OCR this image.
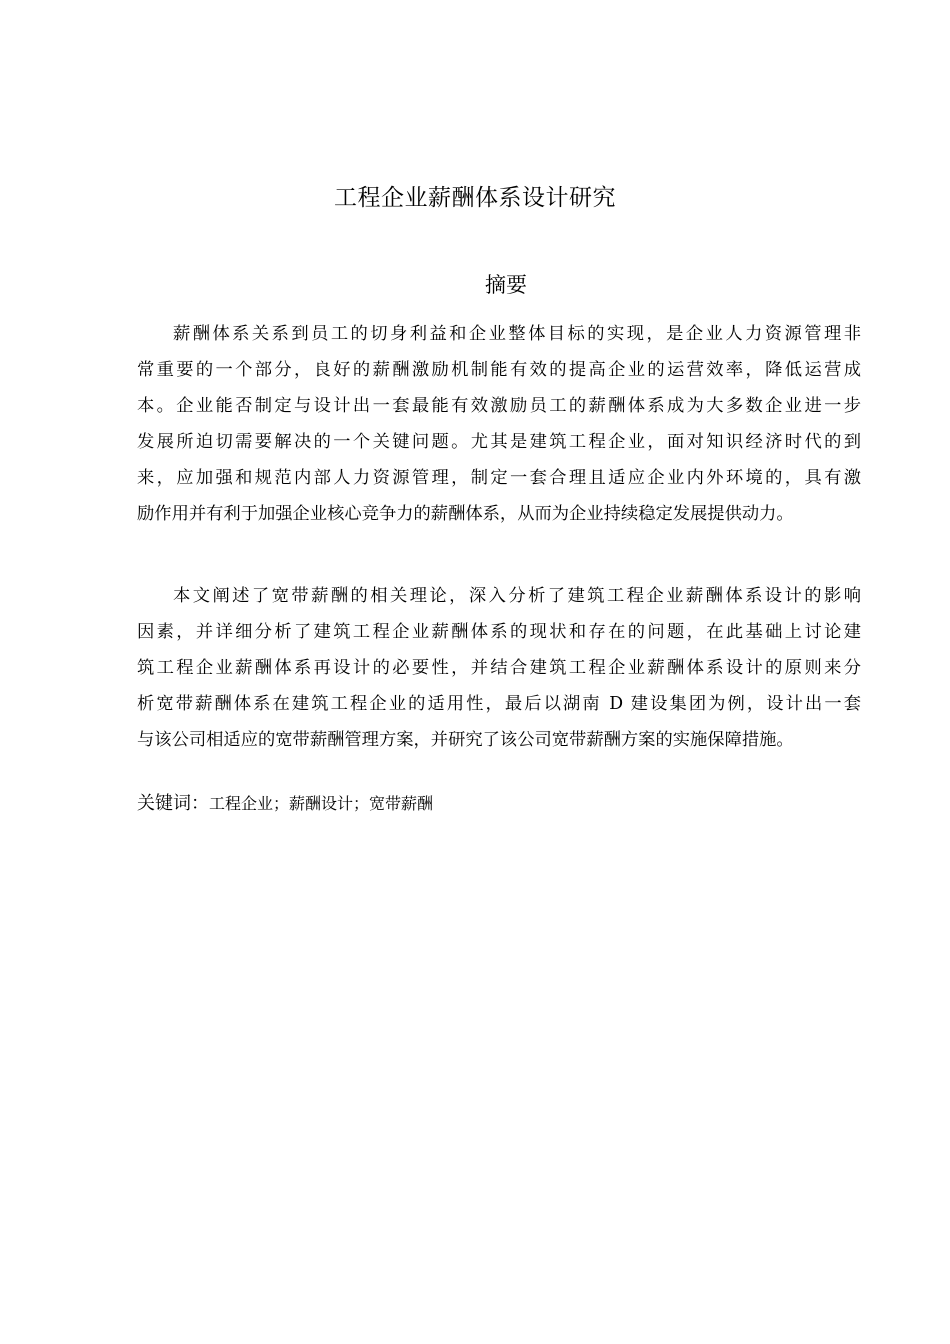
工程企业薪酬体系设计研究
摘要
薪酬体系关系到员工的切身利益和企业整体目标的实现，是企业人力资源管理非
常重要的一个部分，良好的薪酬激励机制能有效的提高企业的运营效率，降低运营成
本。企业能否制定与设计出一套最能有效激励员工的薪酬体系成为大多数企业进一步
发展所迫切需要解决的一个关键问题。尤其是建筑工程企业，面对知识经济时代的到
来，应加强和规范内部人力资源管理，制定一套合理且适应企业内外环境的，具有激
励作用并有利于加强企业核心竞争力的薪酬体系，从而为企业持续稳定发展提供动力。
本文阐述了宽带薪酬的相关理论，深入分析了建筑工程企业薪酬体系设计的影响
因素，并详细分析了建筑工程企业薪酬体系的现状和存在的问题，在此基础上讨论建
筑工程企业薪酬体系再设计的必要性，并结合建筑工程企业薪酬体系设计的原则来分
析宽带薪酬体系在建筑工程企业的适用性，最后以湖南 D 建设集团为例，设计出一套
与该公司相适应的宽带薪酬管理方案，并研究了该公司宽带薪酬方案的实施保障措施。
关键词：工程企业；薪酬设计；宽带薪酬
